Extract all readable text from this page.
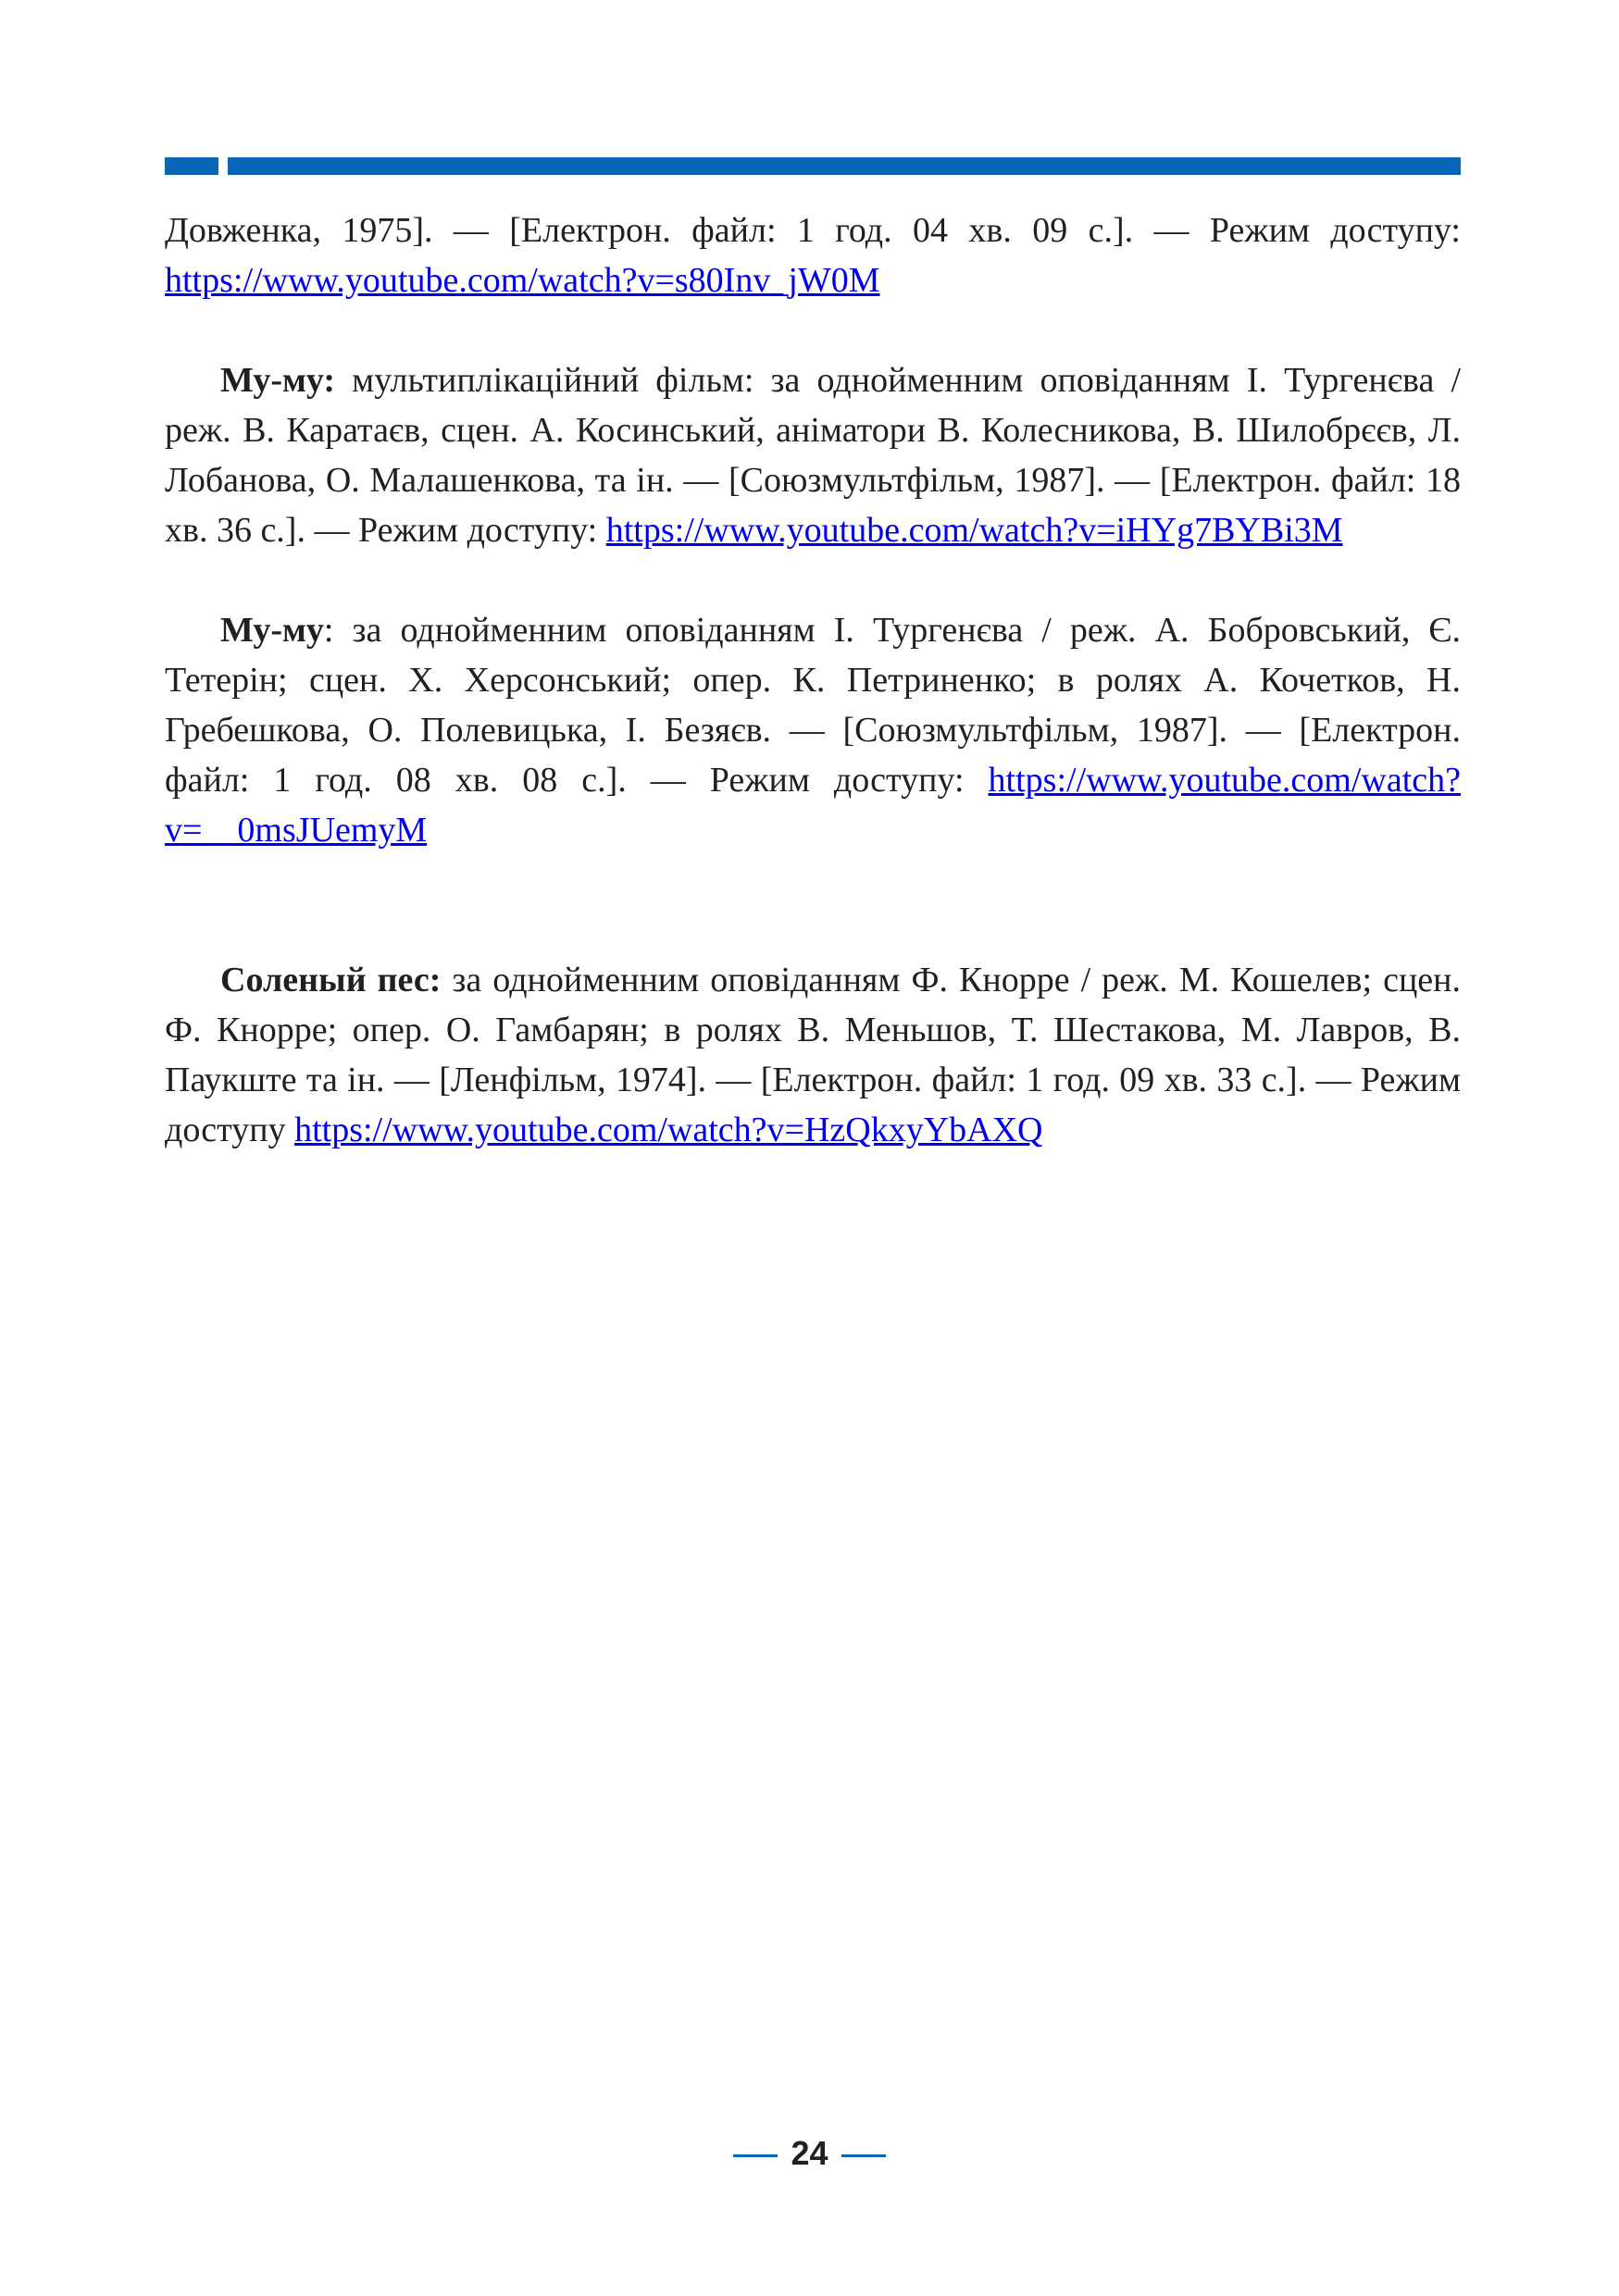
Довженка, 1975]. — [Електрон. файл: 1 год. 04 хв. 09 с.]. — Режим доступу: https://www.youtube.com/watch?v=s80Inv_jW0M

Му-му: мультиплікаційний фільм: за однойменним оповіданням І. Тургенєва / реж. В. Каратаєв, сцен. А. Косинський, аніматори В. Колесникова, В. Шилобрєєв, Л. Лобанова, О. Малашенкова, та ін. — [Союзмультфільм, 1987]. — [Електрон. файл: 18 хв. 36 с.]. — Режим доступу: https://www.youtube.com/watch?v=iHYg7BYBi3M

Му-му: за однойменним оповіданням І. Тургенєва / реж. А. Бобровський, Є. Тетерін; сцен. Х. Херсонський; опер. К. Петриненко; в ролях А. Кочетков, Н. Гребешкова, О. Полевицька, І. Безяєв. — [Союзмультфільм, 1987]. — [Електрон. файл: 1 год. 08 хв. 08 с.]. — Режим доступу: https://www.youtube.com/watch?v=__0msJUemyM

Соленый пес: за однойменним оповіданням Ф. Кнорре / реж. М. Кошелев; сцен. Ф. Кнорре; опер. О. Гамбарян; в ролях В. Меньшов, Т. Шестакова, М. Лавров, В. Паукште та ін. — [Ленфільм, 1974]. — [Електрон. файл: 1 год. 09 хв. 33 с.]. — Режим доступу https://www.youtube.com/watch?v=HzQkxyYbAXQ

24
